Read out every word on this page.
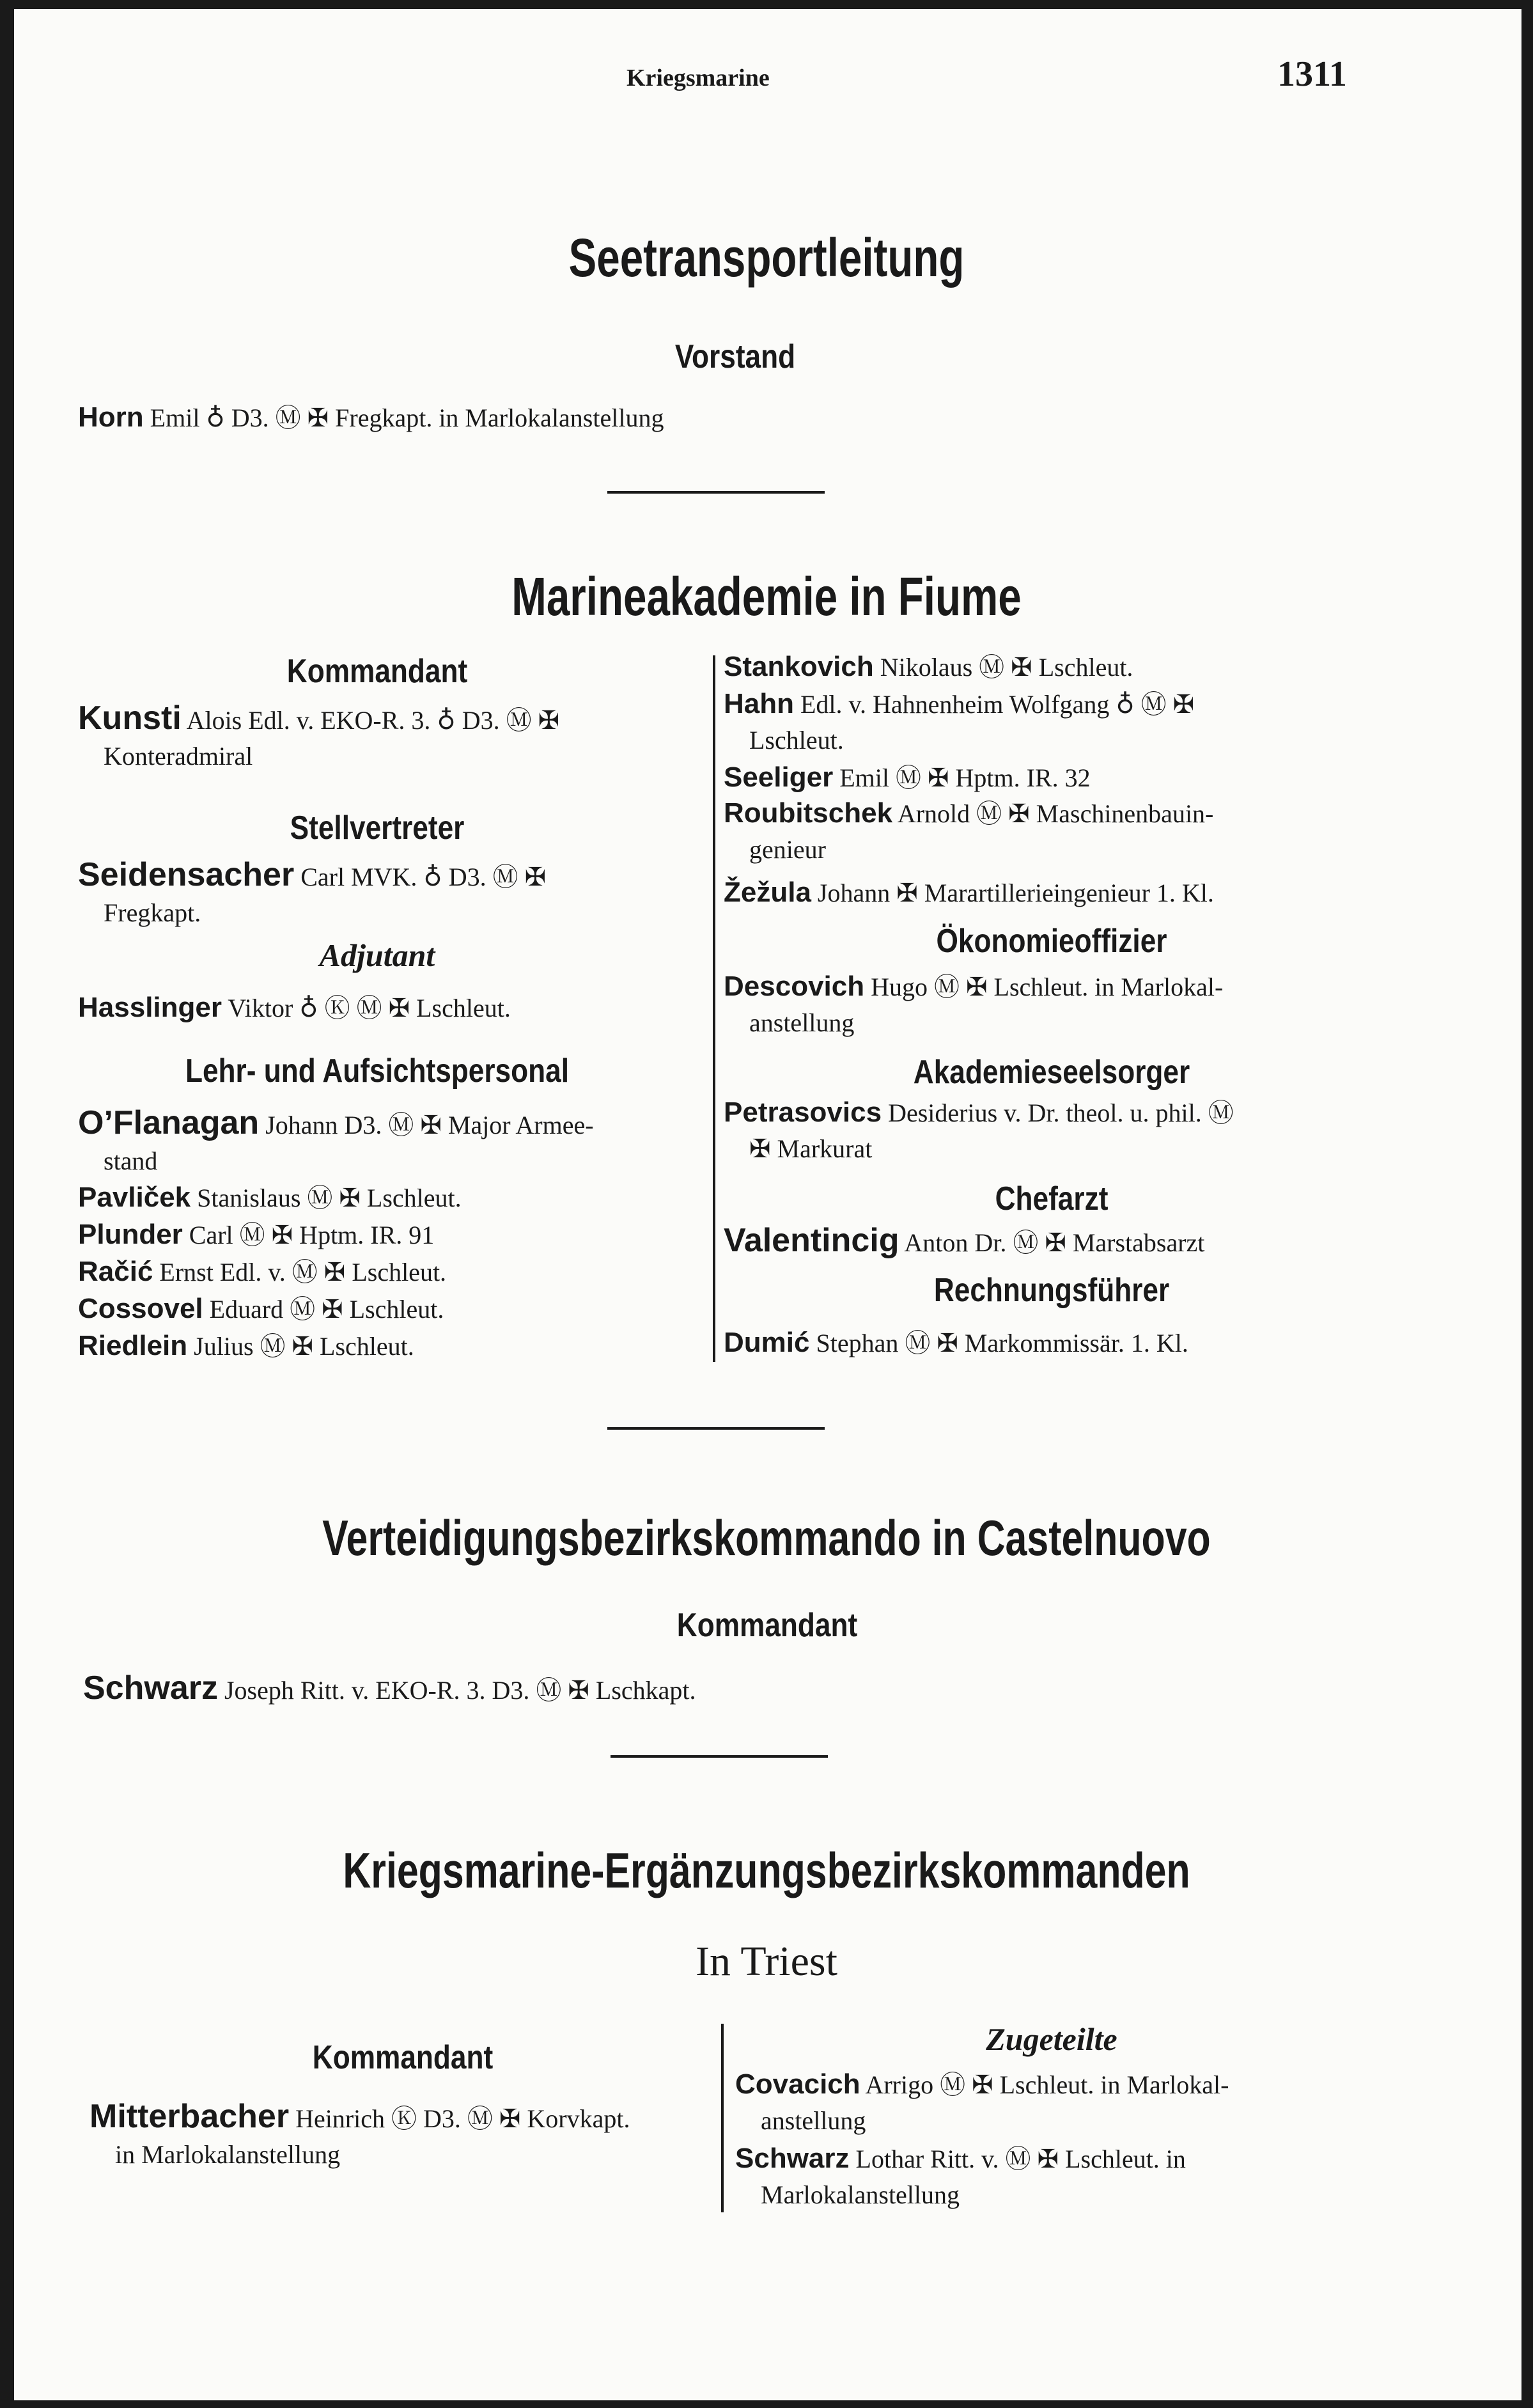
Kriegsmarine	1311
Seetransportleitung
Vorstand
Horn Emil ♁ D3. Ⓜ ✠ Fregkapt. in Marlokalanstellung
Marineakademie in Fiume
Kommandant
Kunsti Alois Edl. v. EKO-R. 3. ♁ D3. Ⓜ ✠
Konteradmiral
Stellvertreter
Seidensacher Carl MVK. ♁ D3. Ⓜ ✠
Fregkapt.
Adjutant
Hasslinger Viktor ♁ Ⓚ Ⓜ ✠ Lschleut.
Lehr- und Aufsichtspersonal
O’Flanagan Johann D3. Ⓜ ✠ Major Armee-
stand
Pavliček Stanislaus Ⓜ ✠ Lschleut.
Plunder Carl Ⓜ ✠ Hptm. IR. 91
Račić Ernst Edl. v. Ⓜ ✠ Lschleut.
Cossovel Eduard Ⓜ ✠ Lschleut.
Riedlein Julius Ⓜ ✠ Lschleut.
Stankovich Nikolaus Ⓜ ✠ Lschleut.
Hahn Edl. v. Hahnenheim Wolfgang ♁ Ⓜ ✠
Lschleut.
Seeliger Emil Ⓜ ✠ Hptm. IR. 32
Roubitschek Arnold Ⓜ ✠ Maschinenbauin-
genieur
Žežula Johann ✠ Marartillerieingenieur 1. Kl.
Ökonomieoffizier
Descovich Hugo Ⓜ ✠ Lschleut. in Marlokal-
anstellung
Akademieseelsorger
Petrasovics Desiderius v. Dr. theol. u. phil. Ⓜ
✠ Markurat
Chefarzt
Valentincig Anton Dr. Ⓜ ✠ Marstabsarzt
Rechnungsführer
Dumić Stephan Ⓜ ✠ Markommissär. 1. Kl.
Verteidigungsbezirkskommando in Castelnuovo
Kommandant
Schwarz Joseph Ritt. v. EKO-R. 3. D3. Ⓜ ✠ Lschkapt.
Kriegsmarine-Ergänzungsbezirkskommanden
In Triest
Kommandant
Mitterbacher Heinrich Ⓚ D3. Ⓜ ✠ Korvkapt.
in Marlokalanstellung
Zugeteilte
Covacich Arrigo Ⓜ ✠ Lschleut. in Marlokal-
anstellung
Schwarz Lothar Ritt. v. Ⓜ ✠ Lschleut. in
Marlokalanstellung
